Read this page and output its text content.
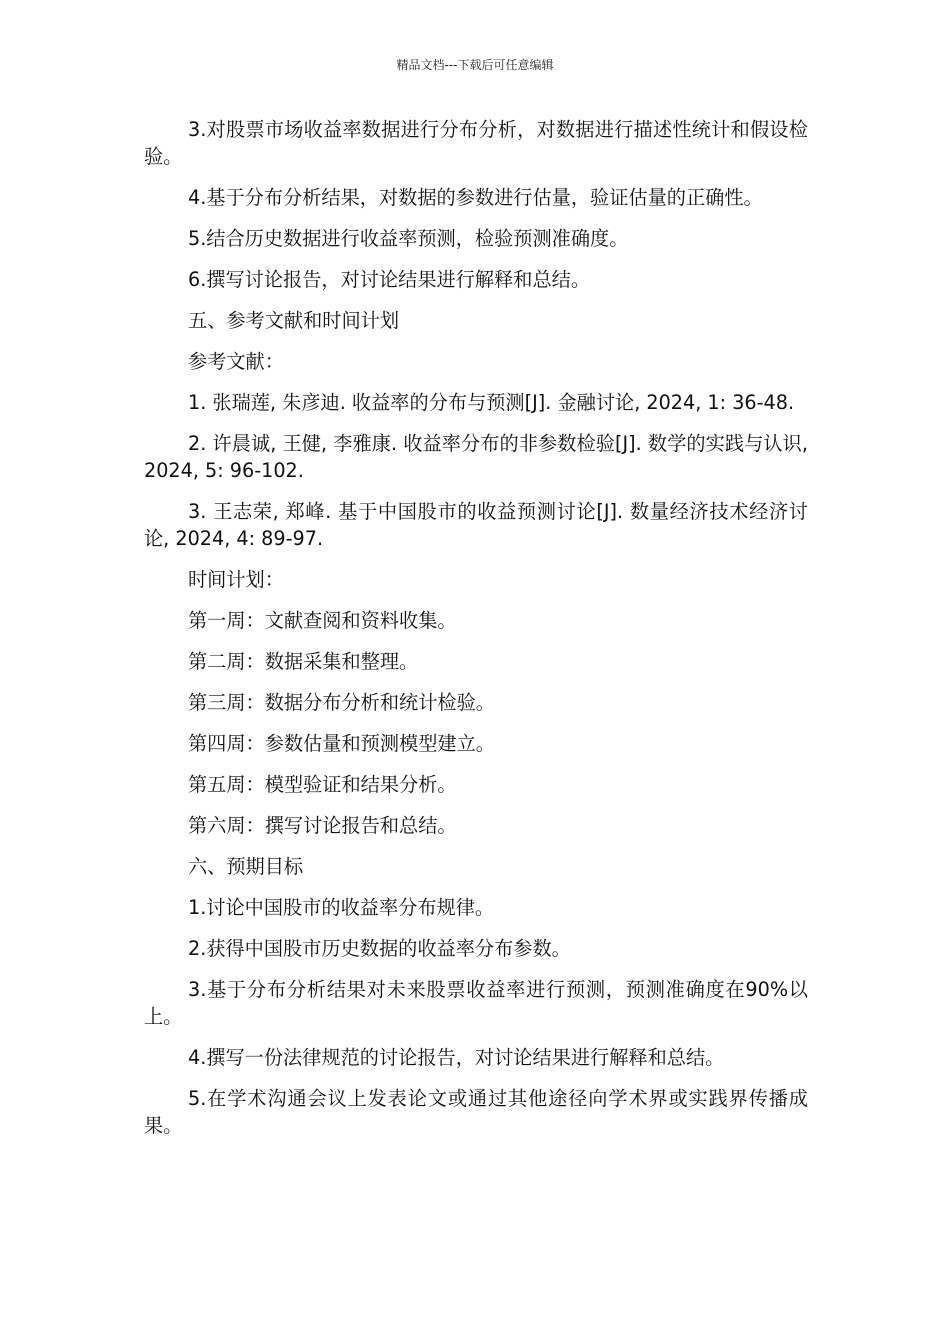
精品文档---下载后可任意编辑

3.对股票市场收益率数据进行分布分析，对数据进行描述性统计和假设检验。

4.基于分布分析结果，对数据的参数进行估量，验证估量的正确性。

5.结合历史数据进行收益率预测，检验预测准确度。

6.撰写讨论报告，对讨论结果进行解释和总结。

五、参考文献和时间计划

参考文献：

1. 张瑞莲, 朱彦迪. 收益率的分布与预测[J]. 金融讨论, 2024, 1: 36-48.

2. 许晨诚, 王健, 李雅康. 收益率分布的非参数检验[J]. 数学的实践与认识, 2024, 5: 96-102.

3. 王志荣, 郑峰. 基于中国股市的收益预测讨论[J]. 数量经济技术经济讨论, 2024, 4: 89-97.

时间计划：

第一周：文献查阅和资料收集。

第二周：数据采集和整理。

第三周：数据分布分析和统计检验。

第四周：参数估量和预测模型建立。

第五周：模型验证和结果分析。

第六周：撰写讨论报告和总结。

六、预期目标

1.讨论中国股市的收益率分布规律。

2.获得中国股市历史数据的收益率分布参数。

3.基于分布分析结果对未来股票收益率进行预测，预测准确度在90%以上。

4.撰写一份法律规范的讨论报告，对讨论结果进行解释和总结。

5.在学术沟通会议上发表论文或通过其他途径向学术界或实践界传播成果。
